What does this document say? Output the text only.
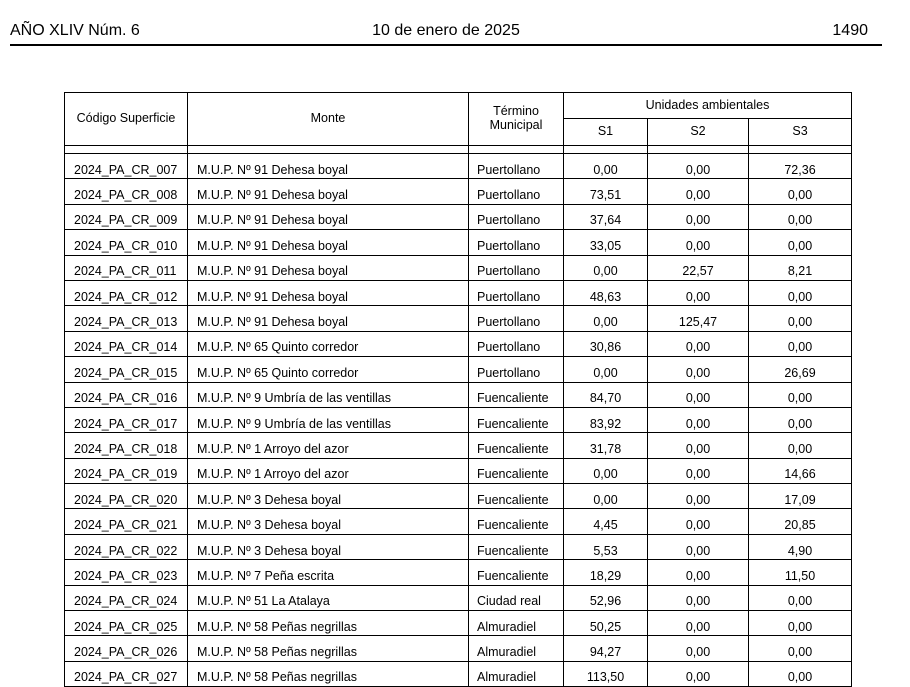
AÑO XLIV Núm. 6	10 de enero de 2025	1490
Código Superficie	Monte	Término Municipal	Unidades ambientales		
			S1	S2	S3

2024_PA_CR_007	M.U.P. Nº 91 Dehesa boyal	Puertollano	0,00	0,00	72,36
2024_PA_CR_008	M.U.P. Nº 91 Dehesa boyal	Puertollano	73,51	0,00	0,00
2024_PA_CR_009	M.U.P. Nº 91 Dehesa boyal	Puertollano	37,64	0,00	0,00
2024_PA_CR_010	M.U.P. Nº 91 Dehesa boyal	Puertollano	33,05	0,00	0,00
2024_PA_CR_011	M.U.P. Nº 91 Dehesa boyal	Puertollano	0,00	22,57	8,21
2024_PA_CR_012	M.U.P. Nº 91 Dehesa boyal	Puertollano	48,63	0,00	0,00
2024_PA_CR_013	M.U.P. Nº 91 Dehesa boyal	Puertollano	0,00	125,47	0,00
2024_PA_CR_014	M.U.P. Nº 65 Quinto corredor	Puertollano	30,86	0,00	0,00
2024_PA_CR_015	M.U.P. Nº 65 Quinto corredor	Puertollano	0,00	0,00	26,69
2024_PA_CR_016	M.U.P. Nº 9 Umbría de las ventillas	Fuencaliente	84,70	0,00	0,00
2024_PA_CR_017	M.U.P. Nº 9 Umbría de las ventillas	Fuencaliente	83,92	0,00	0,00
2024_PA_CR_018	M.U.P. Nº 1 Arroyo del azor	Fuencaliente	31,78	0,00	0,00
2024_PA_CR_019	M.U.P. Nº 1 Arroyo del azor	Fuencaliente	0,00	0,00	14,66
2024_PA_CR_020	M.U.P. Nº 3 Dehesa boyal	Fuencaliente	0,00	0,00	17,09
2024_PA_CR_021	M.U.P. Nº 3 Dehesa boyal	Fuencaliente	4,45	0,00	20,85
2024_PA_CR_022	M.U.P. Nº 3 Dehesa boyal	Fuencaliente	5,53	0,00	4,90
2024_PA_CR_023	M.U.P. Nº 7 Peña escrita	Fuencaliente	18,29	0,00	11,50
2024_PA_CR_024	M.U.P. Nº 51 La Atalaya	Ciudad real	52,96	0,00	0,00
2024_PA_CR_025	M.U.P. Nº 58 Peñas negrillas	Almuradiel	50,25	0,00	0,00
2024_PA_CR_026	M.U.P. Nº 58 Peñas negrillas	Almuradiel	94,27	0,00	0,00
2024_PA_CR_027	M.U.P. Nº 58 Peñas negrillas	Almuradiel	113,50	0,00	0,00
